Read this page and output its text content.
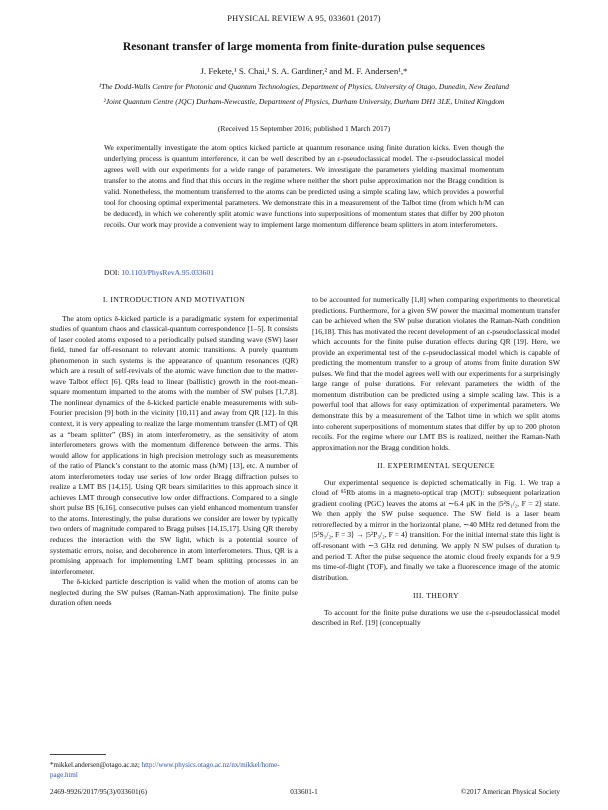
PHYSICAL REVIEW A 95, 033601 (2017)
Resonant transfer of large momenta from finite-duration pulse sequences
J. Fekete,¹ S. Chai,¹ S. A. Gardiner,² and M. F. Andersen¹,*
¹The Dodd-Walls Centre for Photonic and Quantum Technologies, Department of Physics, University of Otago, Dunedin, New Zealand
²Joint Quantum Centre (JQC) Durham-Newcastle, Department of Physics, Durham University, Durham DH1 3LE, United Kingdom
(Received 15 September 2016; published 1 March 2017)
We experimentally investigate the atom optics kicked particle at quantum resonance using finite duration kicks. Even though the underlying process is quantum interference, it can be well described by an ε-pseudoclassical model. The ε-pseudoclassical model agrees well with our experiments for a wide range of parameters. We investigate the parameters yielding maximal momentum transfer to the atoms and find that this occurs in the regime where neither the short pulse approximation nor the Bragg condition is valid. Nonetheless, the momentum transferred to the atoms can be predicted using a simple scaling law, which provides a powerful tool for choosing optimal experimental parameters. We demonstrate this in a measurement of the Talbot time (from which h/M can be deduced), in which we coherently split atomic wave functions into superpositions of momentum states that differ by 200 photon recoils. Our work may provide a convenient way to implement large momentum difference beam splitters in atom interferometers.
DOI: 10.1103/PhysRevA.95.033601
I. INTRODUCTION AND MOTIVATION

The atom optics δ-kicked particle is a paradigmatic system for experimental studies of quantum chaos and classical-quantum correspondence [1–5]. It consists of laser cooled atoms exposed to a periodically pulsed standing wave (SW) laser field, tuned far off-resonant to relevant atomic transitions. A purely quantum phenomenon in such systems is the appearance of quantum resonances (QR) which are a result of self-revivals of the atomic wave function due to the matter-wave Talbot effect [6]. QRs lead to linear (ballistic) growth in the root-mean-square momentum imparted to the atoms with the number of SW pulses [1,7,8]. The nonlinear dynamics of the δ-kicked particle enable measurements with sub-Fourier precision [9] both in the vicinity [10,11] and away from QR [12]. In this context, it is very appealing to realize the large momentum transfer (LMT) of QR as a “beam splitter” (BS) in atom interferometry, as the sensitivity of atom interferometers grows with the momentum difference between the arms. This would allow for applications in high precision metrology such as measurements of the ratio of Planck’s constant to the atomic mass (h/M) [13], etc. A number of atom interferometers today use series of low order Bragg diffraction pulses to realize a LMT BS [14,15]. Using QR bears similarities to this approach since it achieves LMT through consecutive low order diffractions. Compared to a single short pulse BS [6,16], consecutive pulses can yield enhanced momentum transfer to the atoms. Interestingly, the pulse durations we consider are lower by typically two orders of magnitude compared to Bragg pulses [14,15,17]. Using QR thereby reduces the interaction with the SW light, which is a potential source of systematic errors, noise, and decoherence in atom interferometers. Thus, QR is a promising approach for implementing LMT beam splitting processes in an interferometer.

The δ-kicked particle description is valid when the motion of atoms can be neglected during the SW pulses (Raman-Nath approximation). The finite pulse duration often needs

to be accounted for numerically [1,8] when comparing experiments to theoretical predictions. Furthermore, for a given SW power the maximal momentum transfer can be achieved when the SW pulse duration violates the Raman-Nath condition [16,18]. This has motivated the recent development of an ε-pseudoclassical model which accounts for the finite pulse duration effects during QR [19]. Here, we provide an experimental test of the ε-pseudoclassical model which is capable of predicting the momentum transfer to a group of atoms from finite duration SW pulses. We find that the model agrees well with our experiments for a surprisingly large range of pulse durations. For relevant parameters the width of the momentum distribution can be predicted using a simple scaling law. This is a powerful tool that allows for easy optimization of experimental parameters. We demonstrate this by a measurement of the Talbot time in which we split atoms into coherent superpositions of momentum states that differ by up to 200 photon recoils. For the regime where our LMT BS is realized, neither the Raman-Nath approximation nor the Bragg condition holds.

II. EXPERIMENTAL SEQUENCE

Our experimental sequence is depicted schematically in Fig. 1. We trap a cloud of ⁸⁵Rb atoms in a magneto-optical trap (MOT): subsequent polarization gradient cooling (PGC) leaves the atoms at ∼6.4 μK in the |5²S₁/₂, F = 2⟩ state. We then apply the SW pulse sequence. The SW field is a laser beam retroreflected by a mirror in the horizontal plane, ∼40 MHz red detuned from the |5²S₁/₂, F = 3⟩ → |5²P₃/₂, F = 4⟩ transition. For the initial internal state this light is off-resonant with ∼3 GHz red detuning. We apply N SW pulses of duration tₚ and period T. After the pulse sequence the atomic cloud freely expands for a 9.9 ms time-of-flight (TOF), and finally we take a fluorescence image of the atomic distribution.

III. THEORY

To account for the finite pulse durations we use the ε-pseudoclassical model described in Ref. [19] (conceptually

*mikkel.andersen@otago.ac.nz; http://www.physics.otago.ac.nz/nx/mikkel/home-page.html
2469-9926/2017/95(3)/033601(6)	033601-1	©2017 American Physical Society
